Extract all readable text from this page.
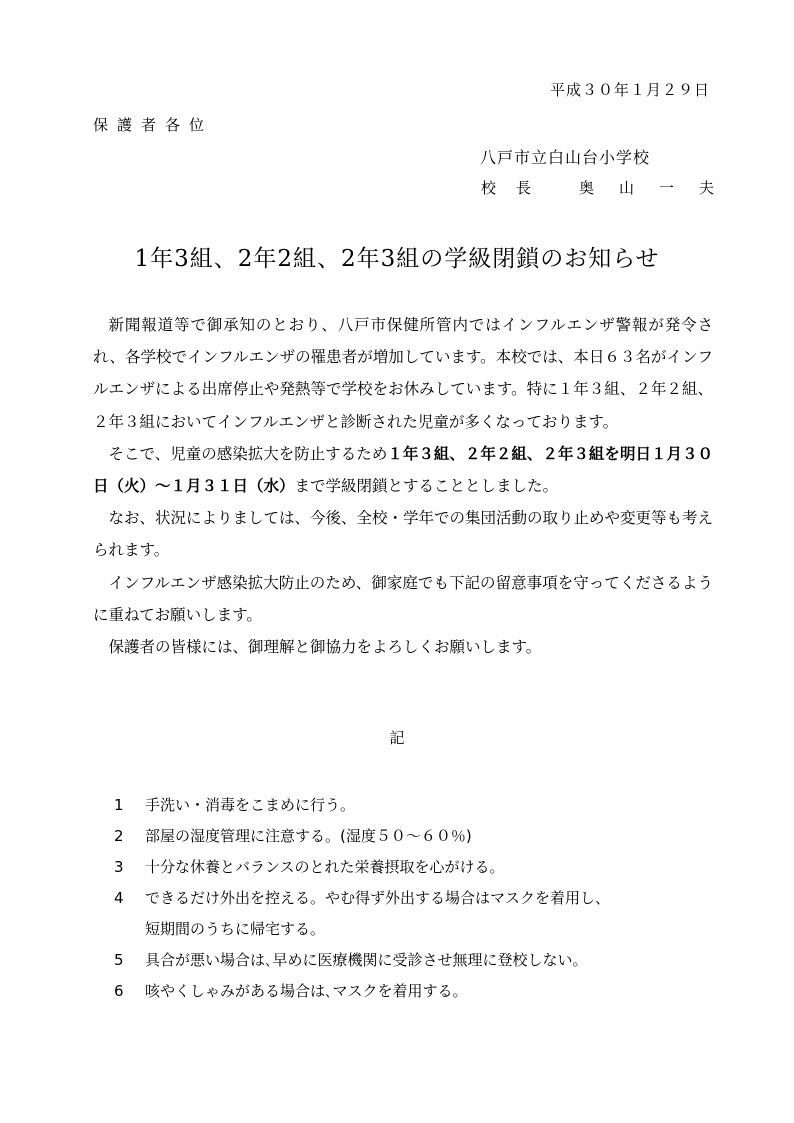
平成３０年１月２９日
保護者各位
八戸市立白山台小学校
校長 奥山一夫
1年3組、2年2組、2年3組の学級閉鎖のお知らせ

新聞報道等で御承知のとおり、八戸市保健所管内ではインフルエンザ警報が発令され、各学校でインフルエンザの罹患者が増加しています。本校では、本日６３名がインフルエンザによる出席停止や発熱等で学校をお休みしています。特に１年３組、２年２組、２年３組においてインフルエンザと診断された児童が多くなっております。

そこで、児童の感染拡大を防止するため１年３組、２年２組、２年３組を明日１月３０日（火）～１月３１日（水）まで学級閉鎖とすることとしました。

なお、状況によりましては、今後、全校・学年での集団活動の取り止めや変更等も考えられます。

インフルエンザ感染拡大防止のため、御家庭でも下記の留意事項を守ってくださるように重ねてお願いします。

保護者の皆様には、御理解と御協力をよろしくお願いします。

記
1	手洗い・消毒をこまめに行う。
2	部屋の湿度管理に注意する。(湿度５０～６０％)
3	十分な休養とバランスのとれた栄養摂取を心がける。
4	できるだけ外出を控える。やむ得ず外出する場合はマスクを着用し、
短期間のうちに帰宅する。
5	具合が悪い場合は､早めに医療機関に受診させ無理に登校しない。
6	咳やくしゃみがある場合は､マスクを着用する。
